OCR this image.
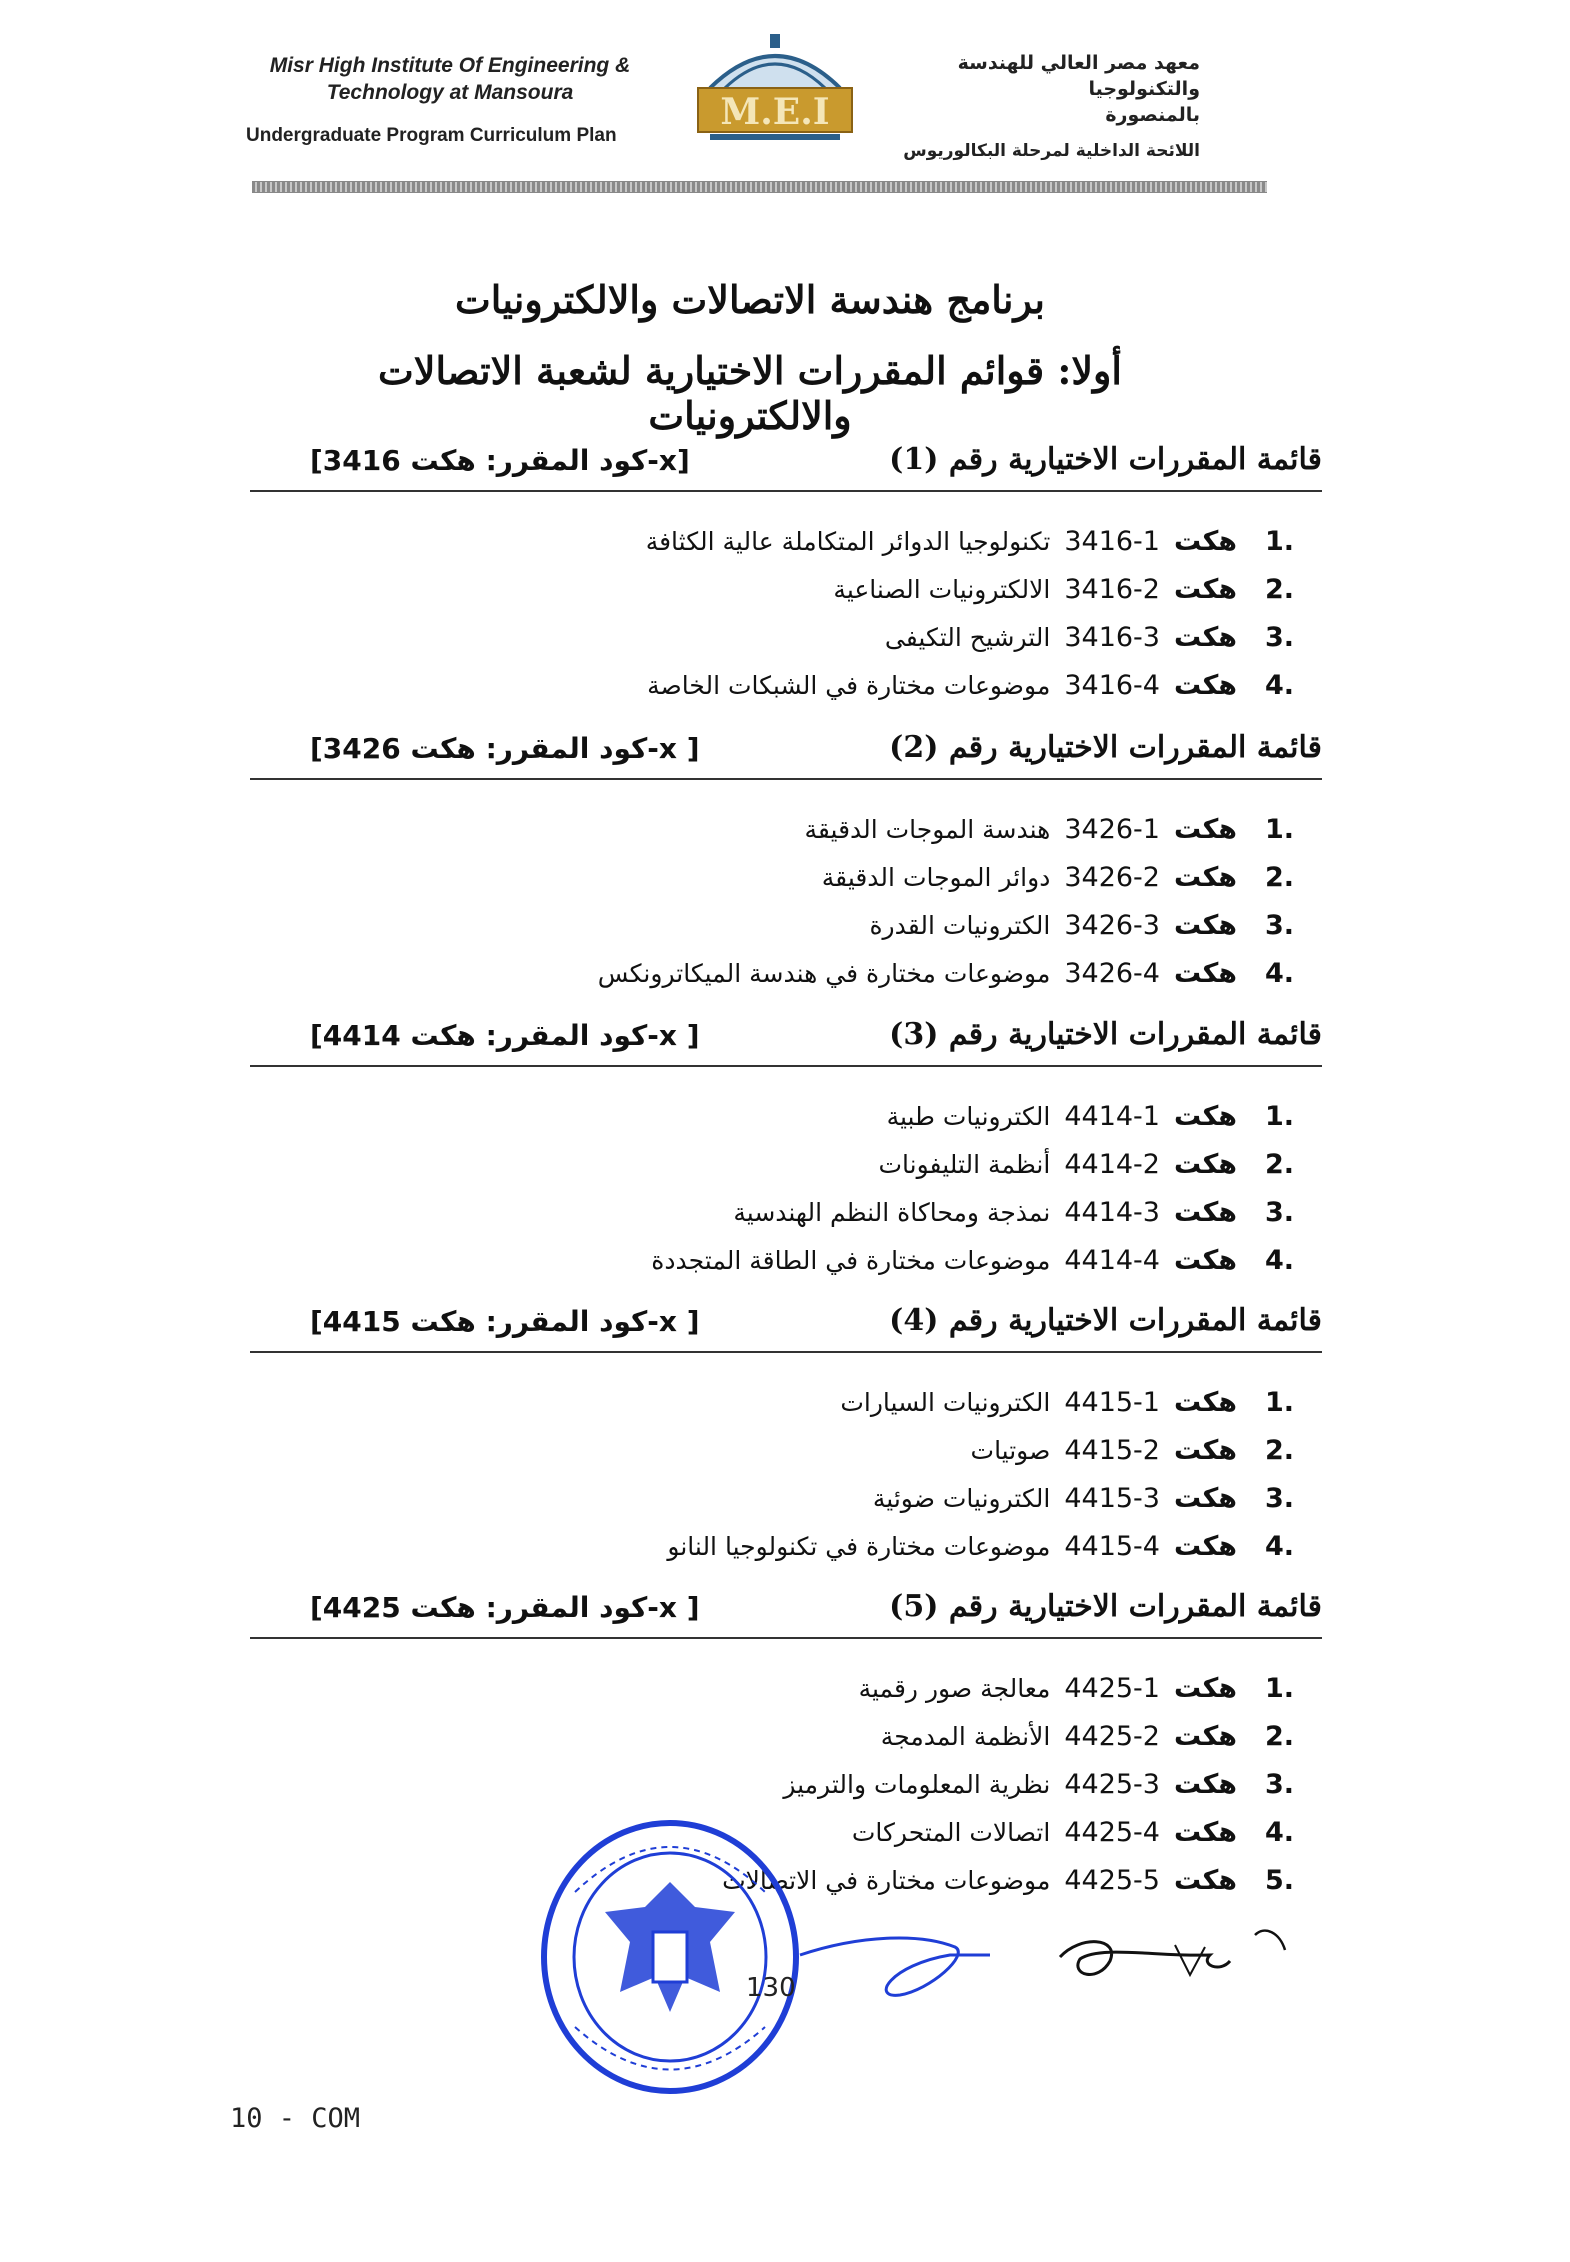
Misr High Institute Of Engineering &
Technology at Mansoura
Undergraduate Program Curriculum Plan
M.E.I
معهد مصر العالي للهندسة والتكنولوجيا
بالمنصورة
اللائحة الداخلية لمرحلة البكالوريوس
برنامج هندسة الاتصالات والالكترونيات
أولا: قوائم المقررات الاختيارية لشعبة الاتصالات والالكترونيات
قائمة المقررات الاختيارية رقم (1)
[كود المقرر: هكت 3416-x]
تكنولوجيا الدوائر المتكاملة عالية الكثافة 3416-1 هكت 1.
الالكترونيات الصناعية 3416-2 هكت 2.
الترشيح التكيفى 3416-3 هكت 3.
موضوعات مختارة في الشبكات الخاصة 3416-4 هكت 4.
قائمة المقررات الاختيارية رقم (2)
[كود المقرر: هكت 3426-x ]
هندسة الموجات الدقيقة 3426-1 هكت 1.
دوائر الموجات الدقيقة 3426-2 هكت 2.
الكترونيات القدرة 3426-3 هكت 3.
موضوعات مختارة في هندسة الميكاترونكس 3426-4 هكت 4.
قائمة المقررات الاختيارية رقم (3)
[كود المقرر: هكت 4414-x ]
الكترونيات طبية 4414-1 هكت 1.
أنظمة التليفونات 4414-2 هكت 2.
نمذجة ومحاكاة النظم الهندسية 4414-3 هكت 3.
موضوعات مختارة في الطاقة المتجددة 4414-4 هكت 4.
قائمة المقررات الاختيارية رقم (4)
[كود المقرر: هكت 4415-x ]
الكترونيات السيارات 4415-1 هكت 1.
صوتيات 4415-2 هكت 2.
الكترونيات ضوئية 4415-3 هكت 3.
موضوعات مختارة في تكنولوجيا النانو 4415-4 هكت 4.
قائمة المقررات الاختيارية رقم (5)
[كود المقرر: هكت 4425-x ]
معالجة صور رقمية 4425-1 هكت 1.
الأنظمة المدمجة 4425-2 هكت 2.
نظرية المعلومات والترميز 4425-3 هكت 3.
اتصالات المتحركات 4425-4 هكت 4.
موضوعات مختارة في الاتصالات 4425-5 هكت 5.
130
10 - COM
